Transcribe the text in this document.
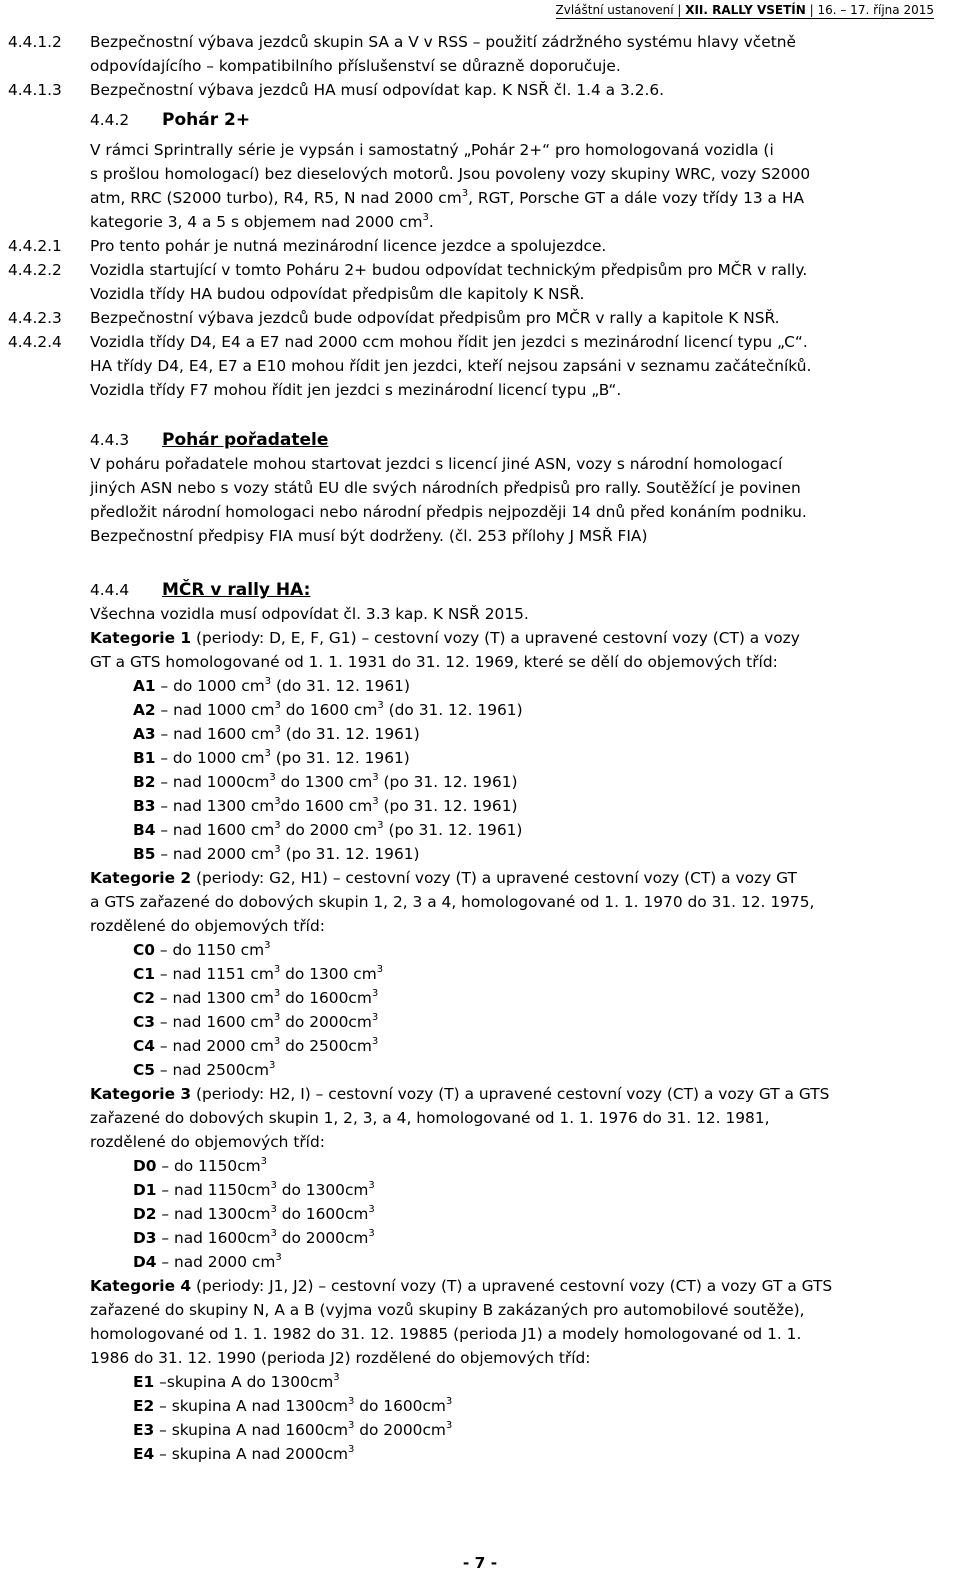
Zvláštní ustanovení | XII. RALLY VSETÍN | 16. – 17. října 2015
4.4.1.2 Bezpečnostní výbava jezdců skupin SA a V v RSS – použití zádržného systému hlavy včetně
odpovídajícího – kompatibilního příslušenství se důrazně doporučuje.
4.4.1.3 Bezpečnostní výbava jezdců HA musí odpovídat kap. K NSŘ čl. 1.4 a 3.2.6.
4.4.2 Pohár 2+
V rámci Sprintrally série je vypsán i samostatný „Pohár 2+“ pro homologovaná vozidla (i
s prošlou homologací) bez dieselových motorů. Jsou povoleny vozy skupiny WRC, vozy S2000
atm, RRC (S2000 turbo), R4, R5, N nad 2000 $cm^3$, RGT, Porsche GT a dále vozy třídy 13 a HA
kategorie 3, 4 a 5 s objemem nad 2000 $cm^3$.
4.4.2.1 Pro tento pohár je nutná mezinárodní licence jezdce a spolujezdce.
4.4.2.2 Vozidla startující v tomto Poháru 2+ budou odpovídat technickým předpisům pro MČR v rally.
Vozidla třídy HA budou odpovídat předpisům dle kapitoly K NSŘ.
4.4.2.3 Bezpečnostní výbava jezdců bude odpovídat předpisům pro MČR v rally a kapitole K NSŘ.
4.4.2.4 Vozidla třídy D4, E4 a E7 nad 2000 ccm mohou řídit jen jezdci s mezinárodní licencí typu „C“.
HA třídy D4, E4, E7 a E10 mohou řídit jen jezdci, kteří nejsou zapsáni v seznamu začátečníků.
Vozidla třídy F7 mohou řídit jen jezdci s mezinárodní licencí typu „B“.
4.4.3 Pohár pořadatele
V poháru pořadatele mohou startovat jezdci s licencí jiné ASN, vozy s národní homologací
jiných ASN nebo s vozy států EU dle svých národních předpisů pro rally. Soutěžící je povinen
předložit národní homologaci nebo národní předpis nejpozději 14 dnů před konáním podniku.
Bezpečnostní předpisy FIA musí být dodrženy. (čl. 253 přílohy J MSŘ FIA)
4.4.4 MČR v rally HA:
Všechna vozidla musí odpovídat čl. 3.3 kap. K NSŘ 2015.
Kategorie 1 (periody: D, E, F, G1) – cestovní vozy (T) a upravené cestovní vozy (CT) a vozy
GT a GTS homologované od 1. 1. 1931 do 31. 12. 1969, které se dělí do objemových tříd:
A1 – do 1000 $cm^3$ (do 31. 12. 1961)
A2 – nad 1000 $cm^3$ do 1600 $cm^3$ (do 31. 12. 1961)
A3 – nad 1600 $cm^3$ (do 31. 12. 1961)
B1 – do 1000 $cm^3$ (po 31. 12. 1961)
B2 – nad $1000cm^3$ do 1300 $cm^3$ (po 31. 12. 1961)
B3 – nad 1300 $cm^3do$ 1600 $cm^3$ (po 31. 12. 1961)
B4 – nad 1600 $cm^3$ do 2000 $cm^3$ (po 31. 12. 1961)
B5 – nad 2000 $cm^3$ (po 31. 12. 1961)
Kategorie 2 (periody: G2, H1) – cestovní vozy (T) a upravené cestovní vozy (CT) a vozy GT
a GTS zařazené do dobových skupin 1, 2, 3 a 4, homologované od 1. 1. 1970 do 31. 12. 1975,
rozdělené do objemových tříd:
C0 – do 1150 $cm^3$
C1 – nad 1151 $cm^3$ do 1300 $cm^3$
C2 – nad 1300 $cm^3$ do $1600cm^3$
C3 – nad 1600 $cm^3$ do $2000cm^3$
C4 – nad 2000 $cm^3$ do $2500cm^3$
C5 – nad $2500cm^3$
Kategorie 3 (periody: H2, I) – cestovní vozy (T) a upravené cestovní vozy (CT) a vozy GT a GTS
zařazené do dobových skupin 1, 2, 3, a 4, homologované od 1. 1. 1976 do 31. 12. 1981,
rozdělené do objemových tříd:
D0 – do $1150cm^3$
D1 – nad $1150cm^3$ do $1300cm^3$
D2 – nad $1300cm^3$ do $1600cm^3$
D3 – nad $1600cm^3$ do $2000cm^3$
D4 – nad 2000 $cm^3$
Kategorie 4 (periody: J1, J2) – cestovní vozy (T) a upravené cestovní vozy (CT) a vozy GT a GTS
zařazené do skupiny N, A a B (vyjma vozů skupiny B zakázaných pro automobilové soutěže),
homologované od 1. 1. 1982 do 31. 12. 19885 (perioda J1) a modely homologované od 1. 1.
1986 do 31. 12. 1990 (perioda J2) rozdělené do objemových tříd:
E1 –skupina A do $1300cm^3$
E2 – skupina A nad $1300cm^3$ do $1600cm^3$
E3 – skupina A nad $1600cm^3$ do $2000cm^3$
E4 – skupina A nad $2000cm^3$
- 7 -
